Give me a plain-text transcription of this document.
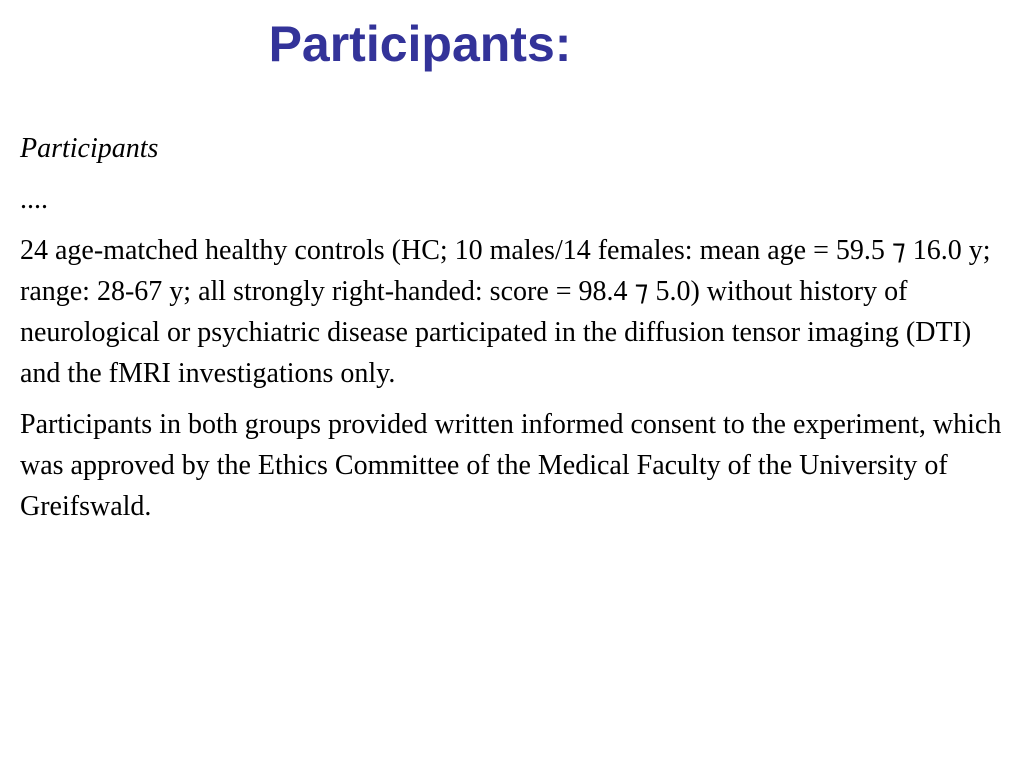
Participants:

Participants

....

24 age-matched healthy controls (HC; 10 males/14 females: mean age = 59.5 ⁊ 16.0 y; range: 28-67 y; all strongly right-handed: score = 98.4 ⁊ 5.0) without history of neurological or psychiatric disease participated in the diffusion tensor imaging (DTI) and the fMRI investigations only.

Participants in both groups provided written informed consent to the experiment, which was approved by the Ethics Committee of the Medical Faculty of the University of Greifswald.
